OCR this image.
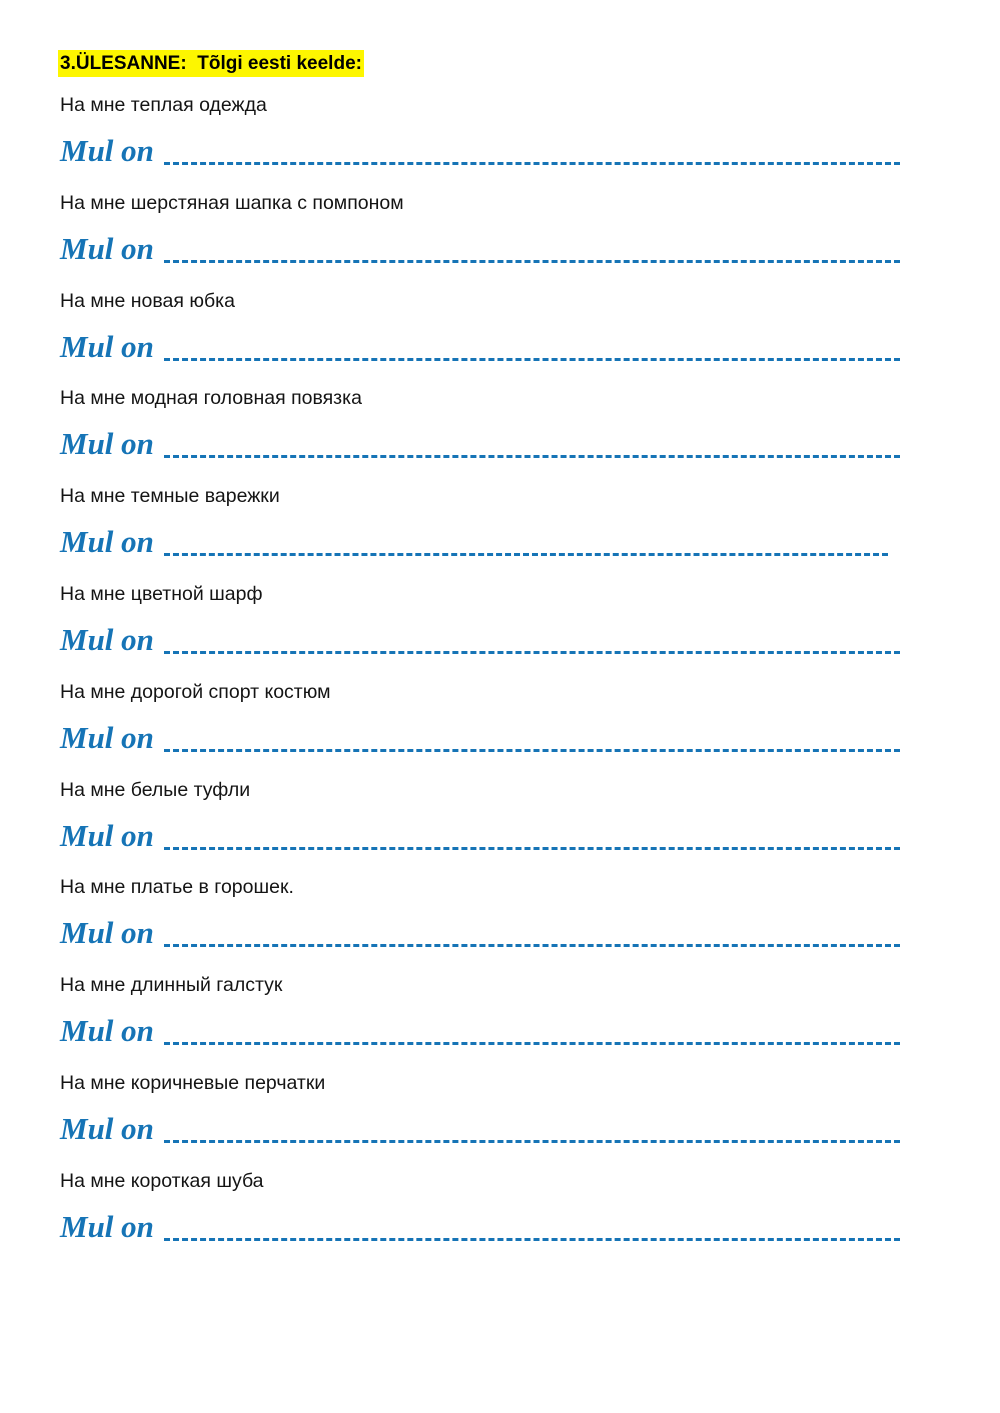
3.ÜLESANNE:  Tõlgi eesti keelde:
На мне теплая одежда
Mul on
На мне шерстяная шапка с помпоном
Mul on
На мне новая юбка
Mul on
На мне модная головная повязка
Mul on
На мне темные варежки
Mul on
На мне цветной шарф
Mul on
На мне дорогой спорт костюм
Mul on
На мне белые туфли
Mul on
На мне платье в горошек.
Mul on
На мне длинный галстук
Mul on
На мне коричневые перчатки
Mul on
На мне короткая шуба
Mul on
